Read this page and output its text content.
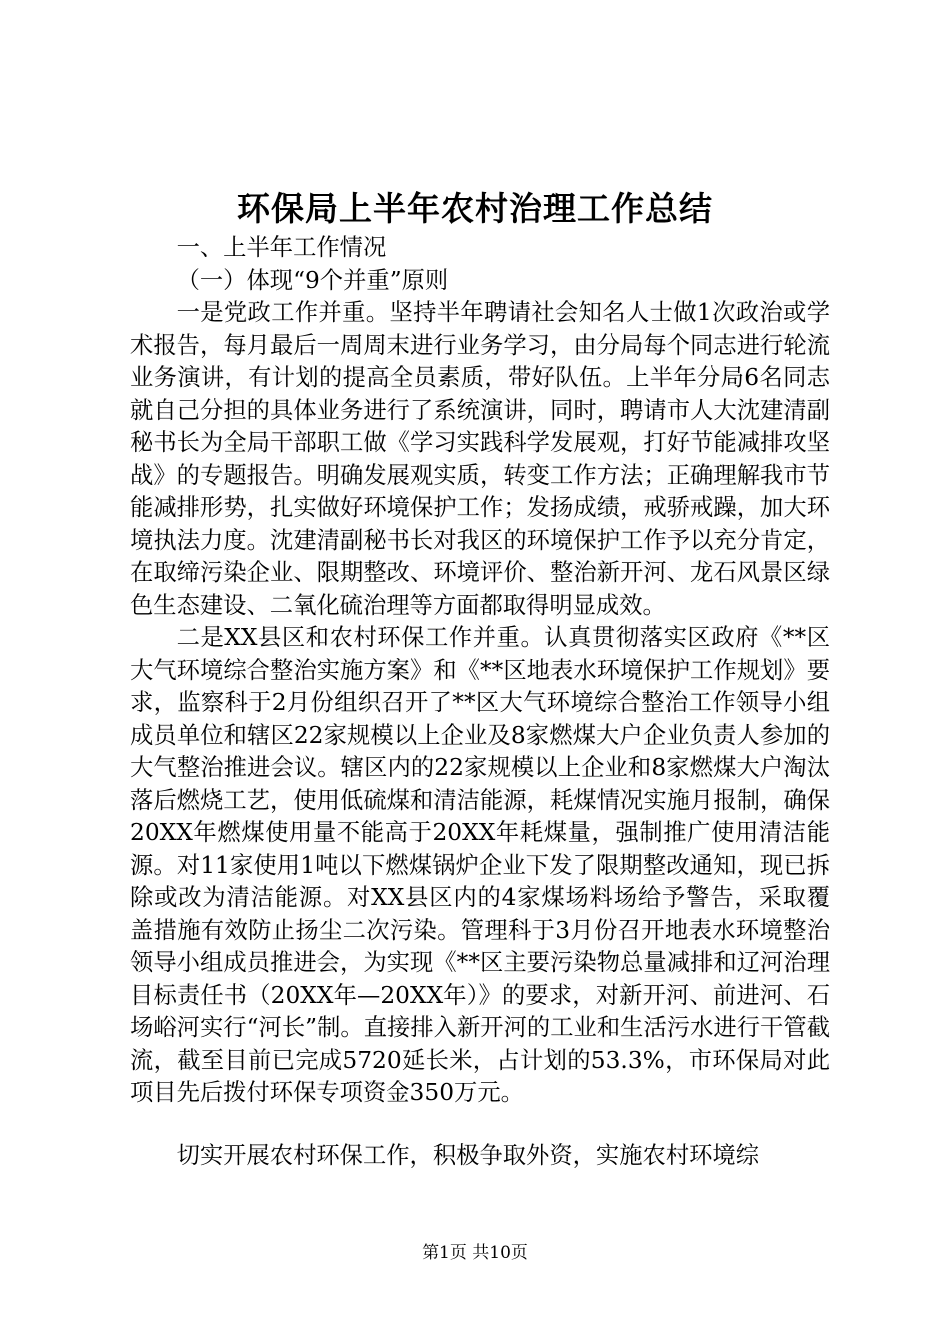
环保局上半年农村治理工作总结

一、上半年工作情况

（一）体现“9个并重”原则

一是党政工作并重。坚持半年聘请社会知名人士做1次政治或学术报告，每月最后一周周末进行业务学习，由分局每个同志进行轮流业务演讲，有计划的提高全员素质，带好队伍。上半年分局6名同志就自己分担的具体业务进行了系统演讲，同时，聘请市人大沈建清副秘书长为全局干部职工做《学习实践科学发展观，打好节能减排攻坚战》的专题报告。明确发展观实质，转变工作方法；正确理解我市节能减排形势，扎实做好环境保护工作；发扬成绩，戒骄戒躁，加大环境执法力度。沈建清副秘书长对我区的环境保护工作予以充分肯定，在取缔污染企业、限期整改、环境评价、整治新开河、龙石风景区绿色生态建设、二氧化硫治理等方面都取得明显成效。

二是XX县区和农村环保工作并重。认真贯彻落实区政府《**区大气环境综合整治实施方案》和《**区地表水环境保护工作规划》要求，监察科于2月份组织召开了**区大气环境综合整治工作领导小组成员单位和辖区22家规模以上企业及8家燃煤大户企业负责人参加的大气整治推进会议。辖区内的22家规模以上企业和8家燃煤大户淘汰落后燃烧工艺，使用低硫煤和清洁能源，耗煤情况实施月报制，确保20XX年燃煤使用量不能高于20XX年耗煤量，强制推广使用清洁能源。对11家使用1吨以下燃煤锅炉企业下发了限期整改通知，现已拆除或改为清洁能源。对XX县区内的4家煤场料场给予警告，采取覆盖措施有效防止扬尘二次污染。管理科于3月份召开地表水环境整治领导小组成员推进会，为实现《**区主要污染物总量减排和辽河治理目标责任书（20XX年—20XX年）》的要求，对新开河、前进河、石场峪河实行“河长”制。直接排入新开河的工业和生活污水进行干管截流，截至目前已完成5720延长米，占计划的53.3%，市环保局对此项目先后拨付环保专项资金350万元。

切实开展农村环保工作，积极争取外资，实施农村环境综

第1页 共10页
